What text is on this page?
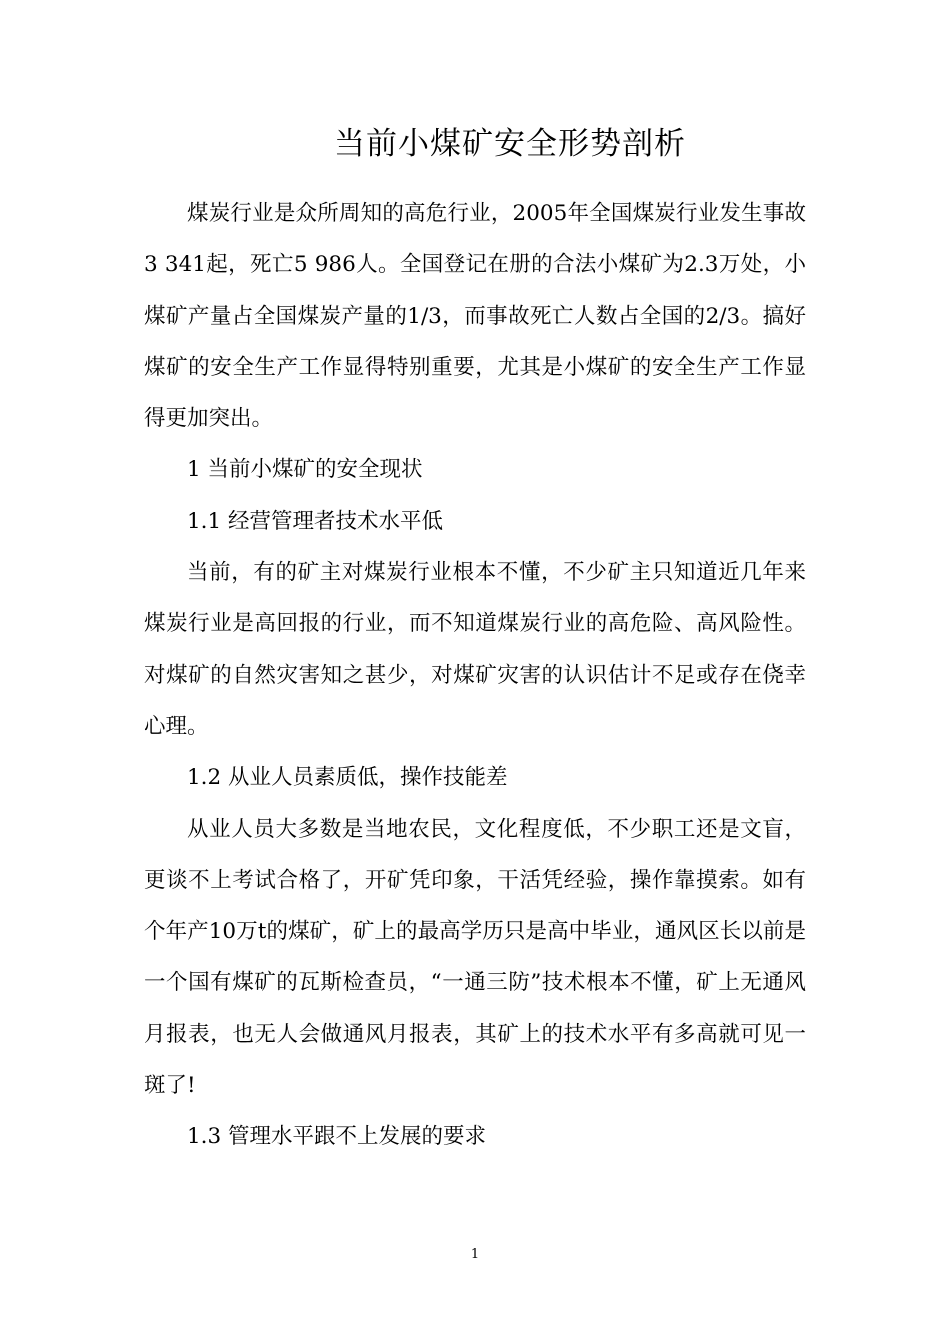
当前小煤矿安全形势剖析

煤炭行业是众所周知的高危行业，2005年全国煤炭行业发生事故3 341起，死亡5 986人。全国登记在册的合法小煤矿为2.3万处，小煤矿产量占全国煤炭产量的1/3，而事故死亡人数占全国的2/3。搞好煤矿的安全生产工作显得特别重要，尤其是小煤矿的安全生产工作显得更加突出。

1 当前小煤矿的安全现状

1.1 经营管理者技术水平低

当前，有的矿主对煤炭行业根本不懂，不少矿主只知道近几年来煤炭行业是高回报的行业，而不知道煤炭行业的高危险、高风险性。对煤矿的自然灾害知之甚少，对煤矿灾害的认识估计不足或存在侥幸心理。

1.2 从业人员素质低，操作技能差

从业人员大多数是当地农民，文化程度低，不少职工还是文盲，更谈不上考试合格了，开矿凭印象，干活凭经验，操作靠摸索。如有个年产10万t的煤矿，矿上的最高学历只是高中毕业，通风区长以前是一个国有煤矿的瓦斯检查员，“一通三防”技术根本不懂，矿上无通风月报表，也无人会做通风月报表，其矿上的技术水平有多高就可见一斑了!

1.3 管理水平跟不上发展的要求

1
